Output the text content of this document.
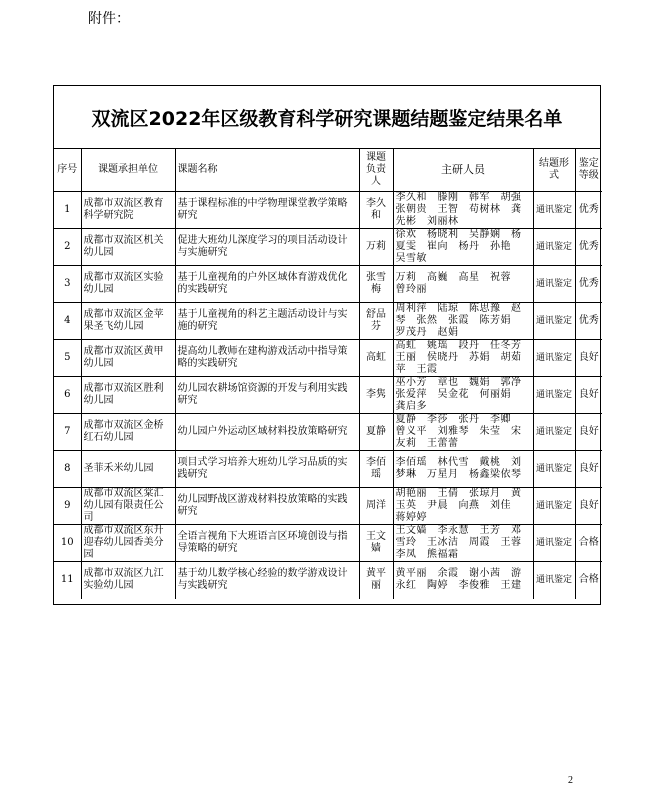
附件：
双流区2022年区级教育科学研究课题结题鉴定结果名单
序号	课题承担单位	课题名称	课题负责人	主研人员	结题形式	鉴定等级
1	成都市双流区教育科学研究院	基于课程标准的中学物理课堂教学策略研究	李久和	李久和　滕刚　韩军　胡强　张朝贵　王智　苟树林　龚先彬　刘丽林	通讯鉴定	优秀
2	成都市双流区机关幼儿园	促进大班幼儿深度学习的项目活动设计与实施研究	万莉	徐欢　杨晓利　吴静娴　杨夏雯　崔向　杨丹　孙艳　吴雪敏	通讯鉴定	优秀
3	成都市双流区实验幼儿园	基于儿童视角的户外区域体育游戏优化的实践研究	张雪梅	万莉　高巍　高星　祝蓉　曾玲丽	通讯鉴定	优秀
4	成都市双流区金苹果圣飞幼儿园	基于儿童视角的科艺主题活动设计与实施的研究	舒品芬	周利萍　陆琼　陈思豫　赵琴　张然　张霞　陈芳娟　罗茂丹　赵娟	通讯鉴定	优秀
5	成都市双流区黄甲幼儿园	提高幼儿教师在建构游戏活动中指导策略的实践研究	高虹	高虹　姚瑶　段丹　任冬芳　王丽　侯晓丹　苏娟　胡茹苹　王霞	通讯鉴定	良好
6	成都市双流区胜利幼儿园	幼儿园农耕场馆资源的开发与利用实践研究	李隽	巫小芳　章也　魏娟　郭净　张爱萍　吴金花　何丽娟　龚启多	通讯鉴定	良好
7	成都市双流区金桥红石幼儿园	幼儿园户外运动区域材料投放策略研究	夏静	夏静　李莎　张丹　李卿　曾义平　刘雅琴　朱莹　宋友莉　王蕾蕾	通讯鉴定	良好
8	圣菲禾米幼儿园	项目式学习培养大班幼儿学习品质的实践研究	李佰瑶	李佰瑶　林代雪　戴桃　刘梦琳　万星月　杨鑫梁依琴	通讯鉴定	良好
9	成都市双流区棠汇幼儿园有限责任公司	幼儿园野战区游戏材料投放策略的实践研究	周洋	胡艳丽　王倩　张琼月　黄玉英　尹晨　向燕　刘佳　蒋婷婷	通讯鉴定	良好
10	成都市双流区东升迎春幼儿园香美分园	全语言视角下大班语言区环境创设与指导策略的研究	王文嫱	王文嫱　李永慧　王芳　邓雪玲　王冰洁　周霞　王蓉　李凤　熊福霜	通讯鉴定	合格
11	成都市双流区九江实验幼儿园	基于幼儿数学核心经验的数学游戏设计与实践研究	黄平丽	黄平丽　余霞　谢小茜　游永红　陶婷　李俊雅　王建	通讯鉴定	合格
2
